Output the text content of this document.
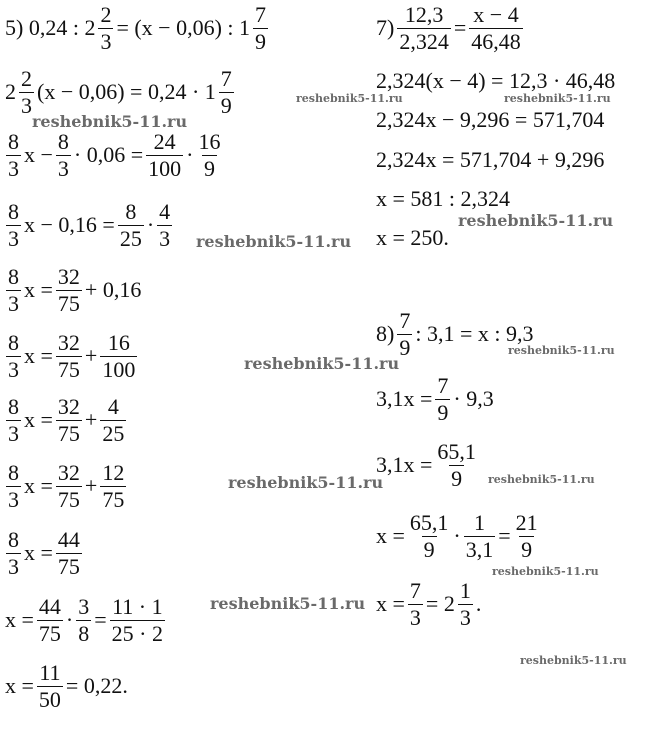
5) 0,24 : $2 \frac{2}{3} = (x - 0,06)$ : $1 \frac{7}{9}$
$2 \frac{2}{3} (x - 0,06) = 0,24 \cdot 1 \frac{7}{9}$
$\frac{8}{3}$ $x - \frac{8}{3} \cdot 0,06 = \frac{24}{100} \cdot \frac{16}{9}$
$\frac{8}{3}$ $x - 0,16 = \frac{8}{25} \cdot \frac{4}{3}$
$\frac{8}{3}$ $x = \frac{32}{75} + 0,16$
$\frac{8}{3}$ $x = \frac{32}{75} + \frac{16}{100}$
$\frac{8}{3}$ $x = \frac{32}{75} + \frac{4}{25}$
$\frac{8}{3}$ $x = \frac{32}{75} + \frac{12}{75}$
$\frac{8}{3}$ $x = \frac{44}{75}$
$x = \frac{44}{75} \cdot \frac{3}{8} = \frac{11 \cdot 1}{25 \cdot 2}$
$x = \frac{11}{50} = 0,22$.
$7) \frac{12,3}{2,324} = \frac{x - 4}{46,48}$
2,324(x − 4) = 12,3 · 46,48
2,324x − 9,296 = 571,704
2,324x = 571,704 + 9,296
x = 581 : 2,324
x = 250.
$8) \frac{7}{9}$ : 3,1 = x : 9,3
$3,1x = \frac{7}{9} \cdot 9,3$
$3,1x = \frac{65,1}{9}$
$x = \frac{65,1}{9} \cdot \frac{1}{3,1} = \frac{21}{9}$
$x = \frac{7}{3} = 2 \frac{1}{3}$ .
reshebnik5-11.ru
reshebnik5-11.ru
reshebnik5-11.ru
reshebnik5-11.ru
reshebnik5-11.ru
reshebnik5-11.ru
reshebnik5-11.ru
reshebnik5-11.ru	reshebnik5-11.ru
reshebnik5-11.ru
reshebnik5-11.ru
reshebnik5-11.ru
